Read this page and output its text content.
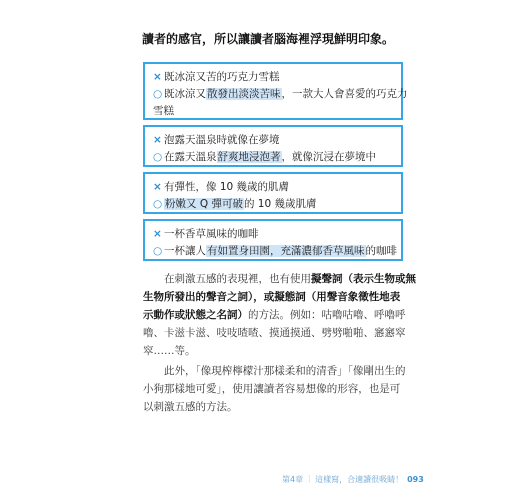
讀者的感官，所以讓讀者腦海裡浮現鮮明印象。
× 既冰涼又苦的巧克力雪糕
○ 既冰涼又散發出淡淡苦味，一款大人會喜愛的巧克力
雪糕
× 泡露天溫泉時就像在夢境
○ 在露天溫泉舒爽地浸泡著，就像沉浸在夢境中
× 有彈性，像 10 幾歲的肌膚
○ 粉嫩又 Q 彈可破的 10 幾歲肌膚
× 一杯香草風味的咖啡
○ 一杯讓人有如置身田園，充滿濃郁香草風味的咖啡
在刺激五感的表現裡，也有使用擬聲詞（表示生物或無
生物所發出的聲音之詞），或擬態詞（用聲音象徵性地表
示動作或狀態之名詞）的方法。例如：咕嚕咕嚕、呼嚕呼
嚕、卡滋卡滋、吱吱喳喳、摸通摸通、劈劈啪啪、窸窸窣
窣……等。
此外，「像現榨檸檬汁那樣柔和的清香」「像剛出生的
小狗那樣地可愛」，使用讓讀者容易想像的形容，也是可
以刺激五感的方法。
第4章 ｜ 這樣寫，合適讀很吸睛！ 093
